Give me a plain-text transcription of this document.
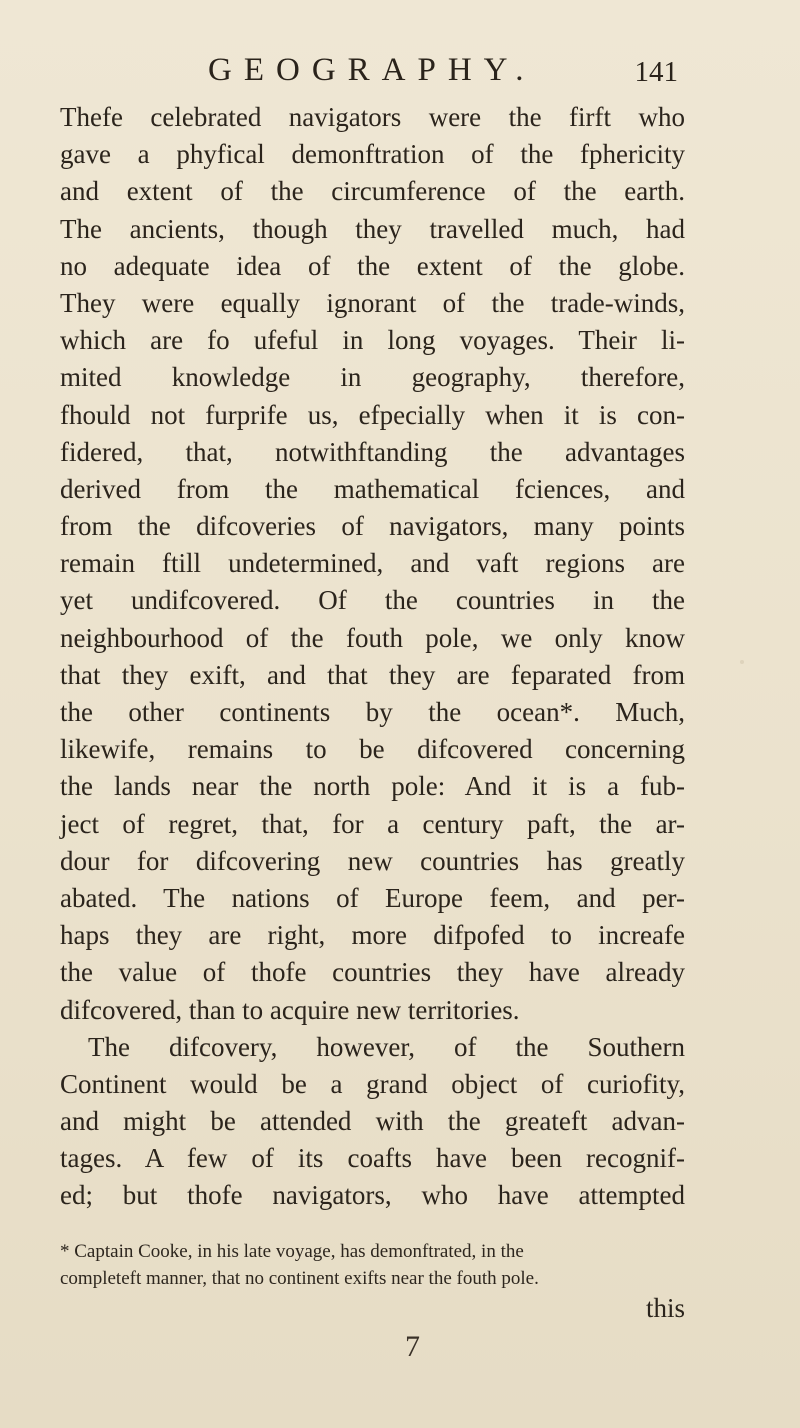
GEOGRAPHY.	141
Thefe celebrated navigators were the firft who
gave a phyfical demonftration of the fphericity
and extent of the circumference of the earth.
The ancients, though they travelled much, had
no adequate idea of the extent of the globe.
They were equally ignorant of the trade-winds,
which are fo ufeful in long voyages. Their li-
mited knowledge in geography, therefore,
fhould not furprife us, efpecially when it is con-
fidered, that, notwithftanding the advantages
derived from the mathematical fciences, and
from the difcoveries of navigators, many points
remain ftill undetermined, and vaft regions are
yet undifcovered. Of the countries in the
neighbourhood of the fouth pole, we only know
that they exift, and that they are feparated from
the other continents by the ocean*. Much,
likewife, remains to be difcovered concerning
the lands near the north pole: And it is a fub-
ject of regret, that, for a century paft, the ar-
dour for difcovering new countries has greatly
abated. The nations of Europe feem, and per-
haps they are right, more difpofed to increafe
the value of thofe countries they have already
difcovered, than to acquire new territories.
The difcovery, however, of the Southern
Continent would be a grand object of curiofity,
and might be attended with the greateft advan-
tages. A few of its coafts have been recognif-
ed; but thofe navigators, who have attempted
* Captain Cooke, in his late voyage, has demonftrated, in the
completeft manner, that no continent exifts near the fouth pole.
this
7
